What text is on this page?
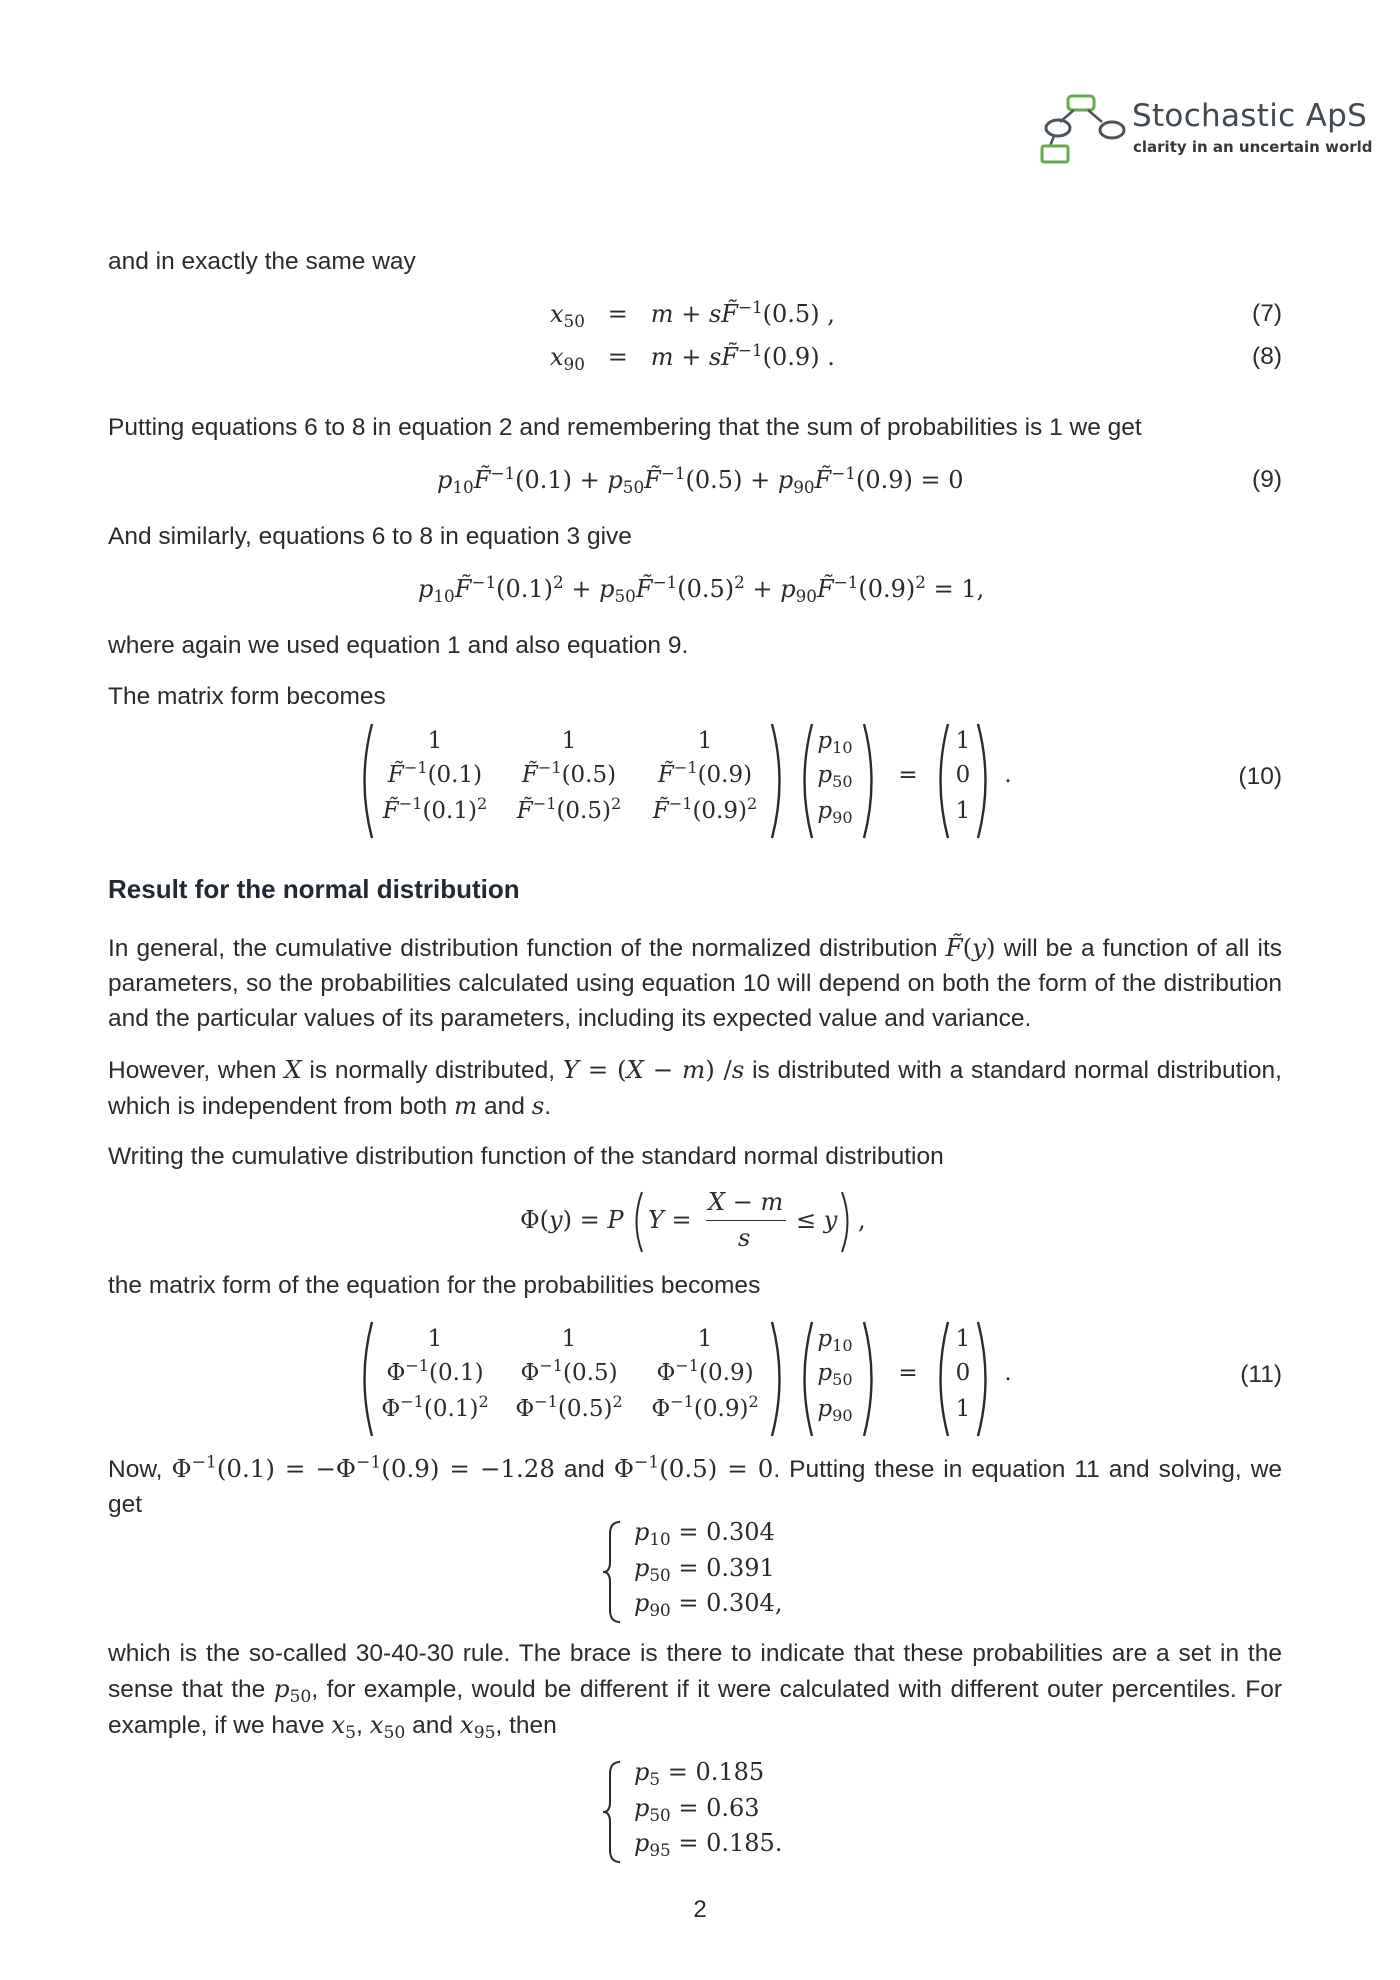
Stochastic ApS
clarity in an uncertain world

and in exactly the same way

$x_{50} = m$ + sF̃$^{-1}$(0.5) ,	(7)
$x_{90} = m$ + sF̃$^{-1}$(0.9) .	(8)

Putting equations 6 to 8 in equation 2 and remembering that the sum of probabilities is 1 we get

$p_{10}F̃^{-1}(0.1)$ + $p_{50}F̃^{-1}(0.5)$ + $p_{90}F̃^{-1}(0.9) = 0$	(9)

And similarly, equations 6 to 8 in equation 3 give

$p_{10}F̃^{-1}(0.1)^2$ + $p_{50}F̃^{-1}(0.5)^2$ + $p_{90}F̃^{-1}(0.9)^2 = 1$,

where again we used equation 1 and also equation 9.

The matrix form becomes

1	1	1
F̃$^{-1}$(0.1)	F̃$^{-1}$(0.5)	F̃$^{-1}$(0.9)
$F̃^{-1}(0.1)^2$	$F̃^{-1}(0.5)^2$	$F̃^{-1}(0.9)^2$
$p_{10}$
$p_{50}$
$p_{90}$
=
1
0
1
.	(10)
Result for the normal distribution

In general, the cumulative distribution function of the normalized distribution F̃(y) will be a function of all its parameters, so the probabilities calculated using equation 10 will depend on both the form of the distribution and the particular values of its parameters, including its expected value and variance.

However, when X is normally distributed, Y = (X − m) /s is distributed with a standard normal distribution, which is independent from both m and s.

Writing the cumulative distribution function of the standard normal distribution

Φ(y) = P Y =
X − m
s
≤ y ,

the matrix form of the equation for the probabilities becomes

1	1	1
$\Phi^{-1}(0.1)$	$\Phi^{-1}(0.5)$	$\Phi^{-1}(0.9)$
$\Phi^{-1}(0.1)^2$ $\Phi^{-1}(0.5)^2$ $\Phi^{-1}(0.9)^2$
$p_{10}$
$p_{50}$
$p_{90}$
=
1
0
1
.	(11)

Now, $\Phi^{-1}(0.1) = -\Phi^{-1}(0.9) = -1.28$ and $\Phi^{-1}(0.5) = 0$. Putting these in equation 11 and solving, we get

$p_{10} = 0.304$
$p_{50} = 0.391$
$p_{90} = 0.304$,

which is the so-called 30-40-30 rule. The brace is there to indicate that these probabilities are a set in the sense that the $p_{50}$, for example, would be different if it were calculated with different outer percentiles. For example, if we have $x_5$, $x_{50}$ and $x_{95}$, then

$p_5 = 0.185$
$p_{50} = 0.63$
$p_{95} = 0.185$.
2
